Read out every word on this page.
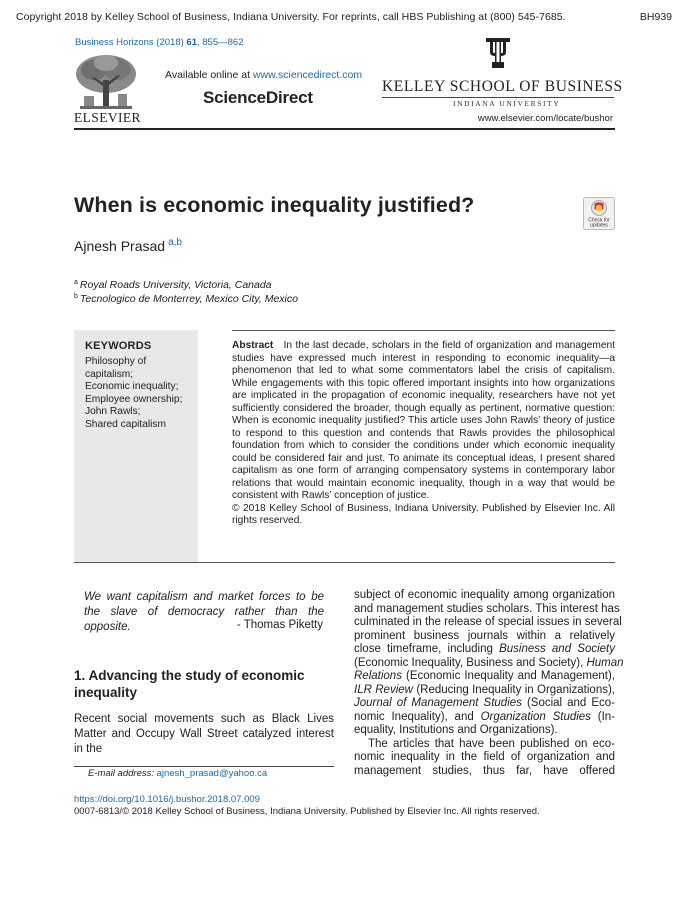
Copyright 2018 by Kelley School of Business, Indiana University. For reprints, call HBS Publishing at (800) 545-7685.	BH939
Business Horizons (2018) 61, 855—862
ELSEVIER
Available online at www.sciencedirect.com
ScienceDirect
KELLEY SCHOOL OF BUSINESS
INDIANA UNIVERSITY
www.elsevier.com/locate/bushor
When is economic inequality justified?
Check for
updates
Ajnesh Prasad $^{a,b}$
$^a$ Royal Roads University, Victoria, Canada
$^b$ Tecnologico de Monterrey, Mexico City, Mexico
KEYWORDS
Philosophy of
capitalism;
Economic inequality;
Employee ownership;
John Rawls;
Shared capitalism
Abstract In the last decade, scholars in the field of organization and management studies have expressed much interest in responding to economic inequality—a phenomenon that led to what some commentators label the crisis of capitalism. While engagements with this topic offered important insights into how organizations are implicated in the propagation of economic inequality, researchers have not yet sufficiently considered the broader, though equally as pertinent, normative question: When is economic inequality justified? This article uses John Rawls’ theory of justice to respond to this question and contends that Rawls provides the philosophical foundation from which to consider the conditions under which economic inequality could be considered fair and just. To animate its conceptual ideas, I present shared capitalism as one form of arranging compensatory systems in contemporary labor relations that would maintain economic inequality, though in a way that would be consistent with Rawls’ conception of justice.
© 2018 Kelley School of Business, Indiana University. Published by Elsevier Inc. All rights reserved.
We want capitalism and market forces to be the slave of democracy rather than the opposite.	- Thomas Piketty
1. Advancing the study of economic inequality
Recent social movements such as Black Lives Matter and Occupy Wall Street catalyzed interest in the
E-mail address: ajnesh_prasad@yahoo.ca
subject of economic inequality among organization
and management studies scholars. This interest has
culminated in the release of special issues in several
prominent business journals within a relatively
close timeframe, including Business and Society
(Economic Inequality, Business and Society), Human
Relations (Economic Inequality and Management),
ILR Review (Reducing Inequality in Organizations),
Journal of Management Studies (Social and Eco-
nomic Inequality), and Organization Studies (In-
equality, Institutions and Organizations).
The articles that have been published on eco-
nomic inequality in the field of organization and
management studies, thus far, have offered
https://doi.org/10.1016/j.bushor.2018.07.009
0007-6813/© 2018 Kelley School of Business, Indiana University. Published by Elsevier Inc. All rights reserved.
